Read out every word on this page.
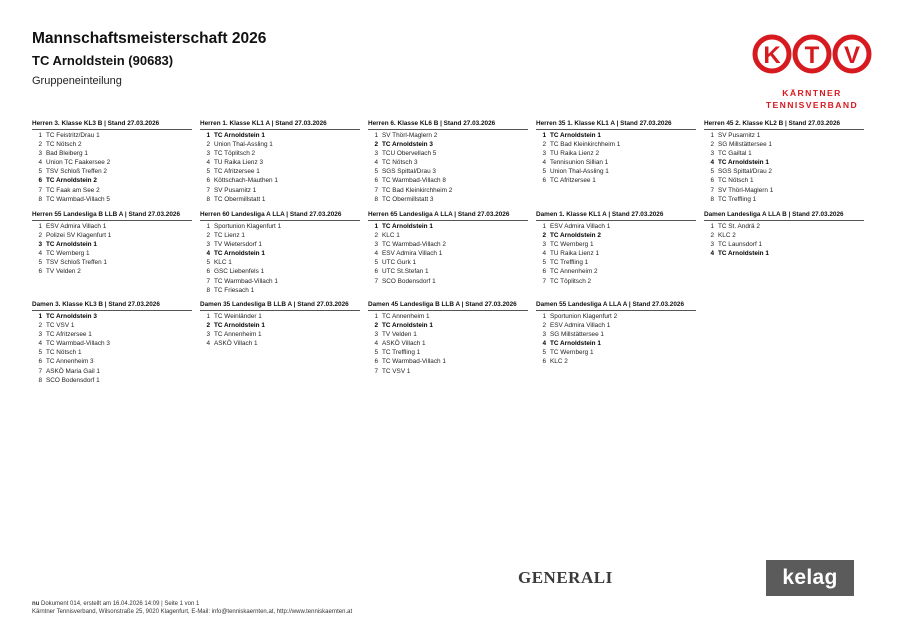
Mannschaftsmeisterschaft 2026
TC Arnoldstein (90683)
Gruppeneinteilung
K T V
KÄRNTNER
TENNISVERBAND
Herren 3. Klasse KL3 B | Stand 27.03.2026
1 TC Feistritz/Drau 1
2 TC Nötsch 2
3 Bad Bleiberg 1
4 Union TC Faakersee 2
5 TSV Schloß Treffen 2
6 TC Arnoldstein 2
7 TC Faak am See 2
8 TC Warmbad-Villach 5
Herren 1. Klasse KL1 A | Stand 27.03.2026
1 TC Arnoldstein 1
2 Union Thal-Assling 1
3 TC Töplitsch 2
4 TU Raika Lienz 3
5 TC Afritzersee 1
6 Köttschach-Mauthen 1
7 SV Pusarnitz 1
8 TC Obermillstatt 1
Herren 6. Klasse KL6 B | Stand 27.03.2026
1 SV Thörl-Maglern 2
2 TC Arnoldstein 3
3 TCU Obervellach 5
4 TC Nötsch 3
5 SGS Spittal/Drau 3
6 TC Warmbad-Villach 8
7 TC Bad Kleinkirchheim 2
8 TC Obermillstatt 3
Herren 35 1. Klasse KL1 A | Stand 27.03.2026
1 TC Arnoldstein 1
2 TC Bad Kleinkirchheim 1
3 TU Raika Lienz 2
4 Tennisunion Sillian 1
5 Union Thal-Assling 1
6 TC Afritzersee 1
Herren 45 2. Klasse KL2 B | Stand 27.03.2026
1 SV Pusarnitz 1
2 SG Millstättersee 1
3 TC Gailtal 1
4 TC Arnoldstein 1
5 SGS Spittal/Drau 2
6 TC Nötsch 1
7 SV Thörl-Maglern 1
8 TC Treffling 1
Herren 55 Landesliga B LLB A | Stand 27.03.2026
1 ESV Admira Villach 1
2 Polizei SV Klagenfurt 1
3 TC Arnoldstein 1
4 TC Wernberg 1
5 TSV Schloß Treffen 1
6 TV Velden 2
Herren 60 Landesliga A LLA | Stand 27.03.2026
1 Sportunion Klagenfurt 1
2 TC Lienz 1
3 TV Wietersdorf 1
4 TC Arnoldstein 1
5 KLC 1
6 GSC Liebenfels 1
7 TC Warmbad-Villach 1
8 TC Friesach 1
Herren 65 Landesliga A LLA | Stand 27.03.2026
1 TC Arnoldstein 1
2 KLC 1
3 TC Warmbad-Villach 2
4 ESV Admira Villach 1
5 UTC Gurk 1
6 UTC St.Stefan 1
7 SCO Bodensdorf 1
Damen 1. Klasse KL1 A | Stand 27.03.2026
1 ESV Admira Villach 1
2 TC Arnoldstein 2
3 TC Wernberg 1
4 TU Raika Lienz 1
5 TC Treffling 1
6 TC Annenheim 2
7 TC Töplitsch 2
Damen Landesliga A LLA B | Stand 27.03.2026
1 TC St. Andrä 2
2 KLC 2
3 TC Launsdorf 1
4 TC Arnoldstein 1
Damen 3. Klasse KL3 B | Stand 27.03.2026
1 TC Arnoldstein 3
2 TC VSV 1
3 TC Afritzersee 1
4 TC Warmbad-Villach 3
5 TC Nötsch 1
6 TC Annenheim 3
7 ASKÖ Maria Gail 1
8 SCO Bodensdorf 1
Damen 35 Landesliga B LLB A | Stand 27.03.2026
1 TC Weinländer 1
2 TC Arnoldstein 1
3 TC Annenheim 1
4 ASKÖ Villach 1
Damen 45 Landesliga B LLB A | Stand 27.03.2026
1 TC Annenheim 1
2 TC Arnoldstein 1
3 TV Velden 1
4 ASKÖ Villach 1
5 TC Treffling 1
6 TC Warmbad-Villach 1
7 TC VSV 1
Damen 55 Landesliga A LLA A | Stand 27.03.2026
1 Sportunion Klagenfurt 2
2 ESV Admira Villach 1
3 SG Millstättersee 1
4 TC Arnoldstein 1
5 TC Wernberg 1
6 KLC 2
GENERALI	kelag
nu Dokument 014, erstellt am 16.04.2026 14:09 | Seite 1 von 1
Kärntner Tennisverband, Wilsonstraße 25, 9020 Klagenfurt, E-Mail: info@tenniskaernten.at, http://www.tenniskaernten.at
